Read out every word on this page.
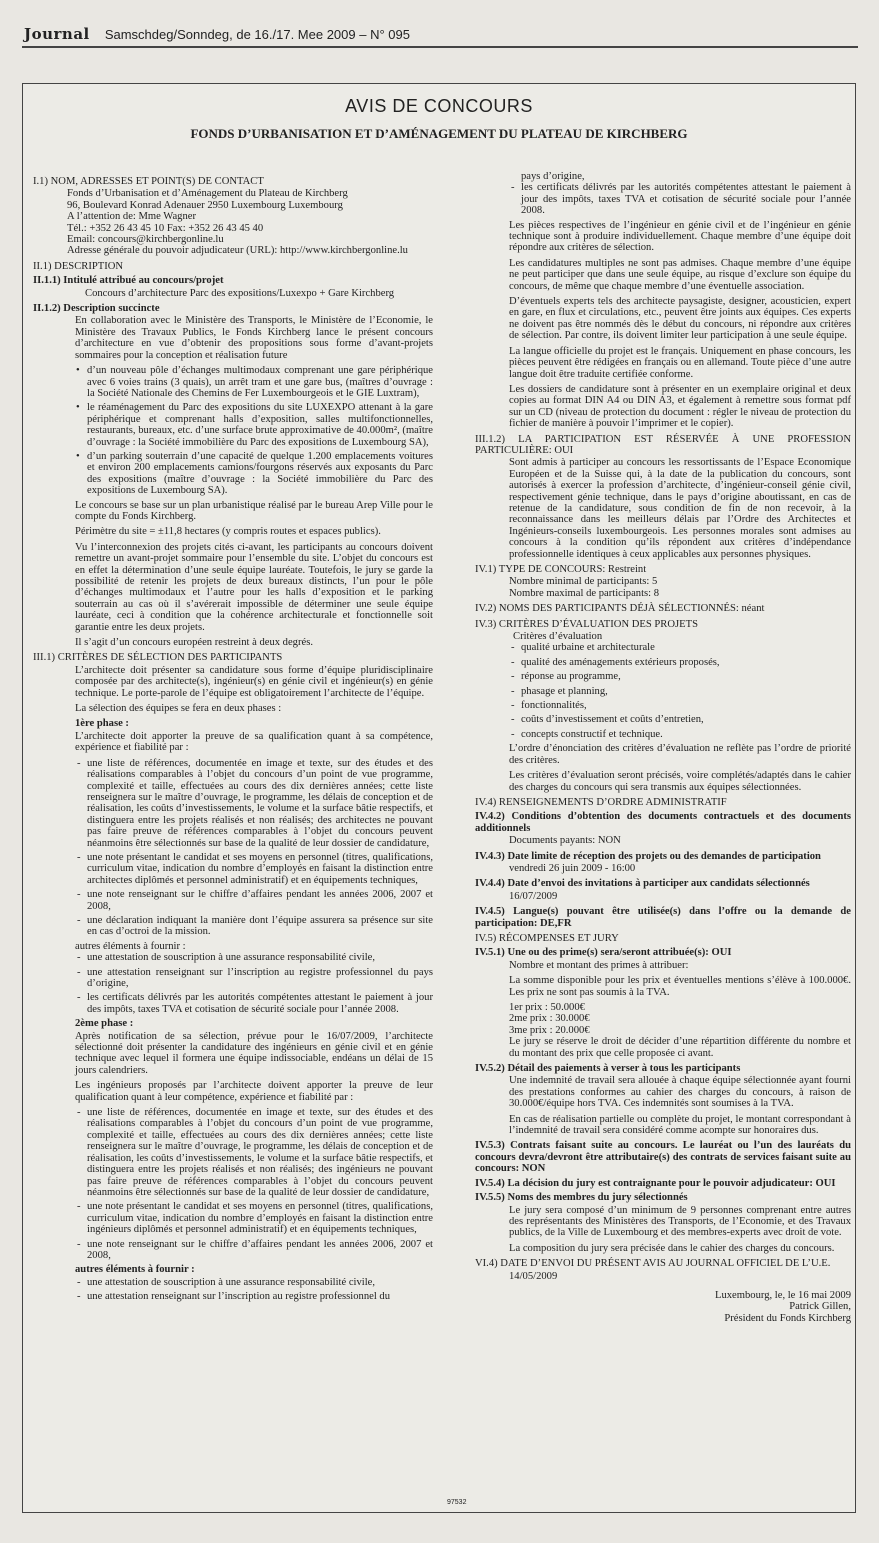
Journal Samschdeg/Sonndeg, de 16./17. Mee 2009 – N° 095
AVIS DE CONCOURS
FONDS D’URBANISATION ET D’AMÉNAGEMENT DU PLATEAU DE KIRCHBERG
I.1) NOM, ADRESSES ET POINT(S) DE CONTACT
Fonds d’Urbanisation et d’Aménagement du Plateau de Kirchberg
96, Boulevard Konrad Adenauer 2950 Luxembourg Luxembourg
A l’attention de: Mme Wagner
Tél.: +352 26 43 45 10 Fax: +352 26 43 45 40
Email: concours@kirchbergonline.lu
Adresse générale du pouvoir adjudicateur (URL): http://www.kirchbergonline.lu
II.1) DESCRIPTION
II.1.1) Intitulé attribué au concours/projet
Concours d’architecture Parc des expositions/Luxexpo + Gare Kirchberg
II.1.2) Description succincte
En collaboration avec le Ministère des Transports, le Ministère de l’Economie, le Ministère des Travaux Publics, le Fonds Kirchberg lance le présent concours d’architecture en vue d’obtenir des propositions sous forme d’avant-projets sommaires pour la conception et réalisation future
• d’un nouveau pôle d’échanges multimodaux comprenant une gare périphérique avec 6 voies trains (3 quais), un arrêt tram et une gare bus, (maîtres d’ouvrage : la Société Nationale des Chemins de Fer Luxembourgeois et le GIE Luxtram),
• le réaménagement du Parc des expositions du site LUXEXPO attenant à la gare périphérique et comprenant halls d’exposition, salles multifonctionnelles, restaurants, bureaux, etc. d’une surface brute approximative de 40.000m², (maître d’ouvrage : la Société immobilière du Parc des expositions de Luxembourg SA),
• d’un parking souterrain d’une capacité de quelque 1.200 emplacements voitures et environ 200 emplacements camions/fourgons réservés aux exposants du Parc des expositions (maître d’ouvrage : la Société immobilière du Parc des expositions de Luxembourg SA).
Le concours se base sur un plan urbanistique réalisé par le bureau Arep Ville pour le compte du Fonds Kirchberg.
Périmètre du site = ±11,8 hectares (y compris routes et espaces publics).
Vu l’interconnexion des projets cités ci-avant, les participants au concours doivent remettre un avant-projet sommaire pour l’ensemble du site. L’objet du concours est en effet la détermination d’une seule équipe lauréate. Toutefois, le jury se garde la possibilité de retenir les projets de deux bureaux distincts, l’un pour le pôle d’échanges multimodaux et l’autre pour les halls d’exposition et le parking souterrain au cas où il s’avérerait impossible de déterminer une seule équipe lauréate, ceci à condition que la cohérence architecturale et fonctionnelle soit garantie entre les deux projets.
Il s’agit d’un concours européen restreint à deux degrés.
III.1) CRITÈRES DE SÉLECTION DES PARTICIPANTS
L’architecte doit présenter sa candidature sous forme d’équipe pluridisciplinaire composée par des architecte(s), ingénieur(s) en génie civil et ingénieur(s) en génie technique. Le porte-parole de l’équipe est obligatoirement l’architecte de l’équipe.
La sélection des équipes se fera en deux phases :
1ère phase :
L’architecte doit apporter la preuve de sa qualification quant à sa compétence, expérience et fiabilité par :
- une liste de références, documentée en image et texte, sur des études et des réalisations comparables à l’objet du concours d’un point de vue programme, complexité et taille, effectuées au cours des dix dernières années; cette liste renseignera sur le maître d’ouvrage, le programme, les délais de conception et de réalisation, les coûts d’investissements, le volume et la surface bâtie respectifs, et distinguera entre les projets réalisés et non réalisés; des architectes ne pouvant pas faire preuve de références comparables à l’objet du concours peuvent néanmoins être sélectionnés sur base de la qualité de leur dossier de candidature,
- une note présentant le candidat et ses moyens en personnel (titres, qualifications, curriculum vitae, indication du nombre d’employés en faisant la distinction entre architectes diplômés et personnel administratif) et en équipements techniques,
- une note renseignant sur le chiffre d’affaires pendant les années 2006, 2007 et 2008,
- une déclaration indiquant la manière dont l’équipe assurera sa présence sur site en cas d’octroi de la mission.
autres éléments à fournir :
- une attestation de souscription à une assurance responsabilité civile,
- une attestation renseignant sur l’inscription au registre professionnel du pays d’origine,
- les certificats délivrés par les autorités compétentes attestant le paiement à jour des impôts, taxes TVA et cotisation de sécurité sociale pour l’année 2008.
2ème phase :
Après notification de sa sélection, prévue pour le 16/07/2009, l’architecte sélectionné doit présenter la candidature des ingénieurs en génie civil et en génie technique avec lequel il formera une équipe indissociable, endéans un délai de 15 jours calendriers.
Les ingénieurs proposés par l’architecte doivent apporter la preuve de leur qualification quant à leur compétence, expérience et fiabilité par :
- une liste de références, documentée en image et texte, sur des études et des réalisations comparables à l’objet du concours d’un point de vue programme, complexité et taille, effectuées au cours des dix dernières années; cette liste renseignera sur le maître d’ouvrage, le programme, les délais de conception et de réalisation, les coûts d’investissements, le volume et la surface bâtie respectifs, et distinguera entre les projets réalisés et non réalisés; des ingénieurs ne pouvant pas faire preuve de références comparables à l’objet du concours peuvent néanmoins être sélectionnés sur base de la qualité de leur dossier de candidature,
- une note présentant le candidat et ses moyens en personnel (titres, qualifications, curriculum vitae, indication du nombre d’employés en faisant la distinction entre ingénieurs diplômés et personnel administratif) et en équipements techniques,
- une note renseignant sur le chiffre d’affaires pendant les années 2006, 2007 et 2008,
autres éléments à fournir :
- une attestation de souscription à une assurance responsabilité civile,
- une attestation renseignant sur l’inscription au registre professionnel du
pays d’origine,
- les certificats délivrés par les autorités compétentes attestant le paiement à jour des impôts, taxes TVA et cotisation de sécurité sociale pour l’année 2008.
Les pièces respectives de l’ingénieur en génie civil et de l’ingénieur en génie technique sont à produire individuellement. Chaque membre d’une équipe doit répondre aux critères de sélection.
Les candidatures multiples ne sont pas admises. Chaque membre d’une équipe ne peut participer que dans une seule équipe, au risque d’exclure son équipe du concours, de même que chaque membre d’une éventuelle association.
D’éventuels experts tels des architecte paysagiste, designer, acousticien, expert en gare, en flux et circulations, etc., peuvent être joints aux équipes. Ces experts ne doivent pas être nommés dès le début du concours, ni répondre aux critères de sélection. Par contre, ils doivent limiter leur participation à une seule équipe.
La langue officielle du projet est le français. Uniquement en phase concours, les pièces peuvent être rédigées en français ou en allemand. Toute pièce d’une autre langue doit être traduite certifiée conforme.
Les dossiers de candidature sont à présenter en un exemplaire original et deux copies au format DIN A4 ou DIN A3, et également à remettre sous format pdf sur un CD (niveau de protection du document : régler le niveau de protection du fichier de manière à pouvoir l’imprimer et le copier).
III.1.2) LA PARTICIPATION EST RÉSERVÉE À UNE PROFESSION PARTICULIÈRE: OUI
Sont admis à participer au concours les ressortissants de l’Espace Economique Européen et de la Suisse qui, à la date de la publication du concours, sont autorisés à exercer la profession d’architecte, d’ingénieur-conseil génie civil, respectivement génie technique, dans le pays d’origine aboutissant, en cas de retenue de la candidature, sous condition de fin de non recevoir, à la reconnaissance dans les meilleurs délais par l’Ordre des Architectes et Ingénieurs-conseils luxembourgeois. Les personnes morales sont admises au concours à la condition qu’ils répondent aux critères d’indépendance professionnelle identiques à ceux applicables aux personnes physiques.
IV.1) TYPE DE CONCOURS: Restreint
Nombre minimal de participants: 5
Nombre maximal de participants: 8
IV.2) NOMS DES PARTICIPANTS DÉJÀ SÉLECTIONNÉS: néant
IV.3) CRITÈRES D’ÉVALUATION DES PROJETS
Critères d’évaluation
- qualité urbaine et architecturale
- qualité des aménagements extérieurs proposés,
- réponse au programme,
- phasage et planning,
- fonctionnalités,
- coûts d’investissement et coûts d’entretien,
- concepts constructif et technique.
L’ordre d’énonciation des critères d’évaluation ne reflète pas l’ordre de priorité des critères.
Les critères d’évaluation seront précisés, voire complétés/adaptés dans le cahier des charges du concours qui sera transmis aux équipes sélectionnées.
IV.4) RENSEIGNEMENTS D’ORDRE ADMINISTRATIF
IV.4.2) Conditions d’obtention des documents contractuels et des documents additionnels
Documents payants: NON
IV.4.3) Date limite de réception des projets ou des demandes de participation
vendredi 26 juin 2009 - 16:00
IV.4.4) Date d’envoi des invitations à participer aux candidats sélectionnés
16/07/2009
IV.4.5) Langue(s) pouvant être utilisée(s) dans l’offre ou la demande de participation: DE,FR
IV.5) RÉCOMPENSES ET JURY
IV.5.1) Une ou des prime(s) sera/seront attribuée(s): OUI
Nombre et montant des primes à attribuer:
La somme disponible pour les prix et éventuelles mentions s’élève à 100.000€. Les prix ne sont pas soumis à la TVA.
1er prix : 50.000€
2me prix : 30.000€
3me prix : 20.000€
Le jury se réserve le droit de décider d’une répartition différente du nombre et du montant des prix que celle proposée ci avant.
IV.5.2) Détail des paiements à verser à tous les participants
Une indemnité de travail sera allouée à chaque équipe sélectionnée ayant fourni des prestations conformes au cahier des charges du concours, à raison de 30.000€/équipe hors TVA. Ces indemnités sont soumises à la TVA.
En cas de réalisation partielle ou complète du projet, le montant correspondant à l’indemnité de travail sera considéré comme acompte sur honoraires dus.
IV.5.3) Contrats faisant suite au concours. Le lauréat ou l’un des lauréats du concours devra/devront être attributaire(s) des contrats de services faisant suite au concours: NON
IV.5.4) La décision du jury est contraignante pour le pouvoir adjudicateur: OUI
IV.5.5) Noms des membres du jury sélectionnés
Le jury sera composé d’un minimum de 9 personnes comprenant entre autres des représentants des Ministères des Transports, de l’Economie, et des Travaux publics, de la Ville de Luxembourg et des membres-experts avec droit de vote.
La composition du jury sera précisée dans le cahier des charges du concours.
VI.4) DATE D’ENVOI DU PRÉSENT AVIS AU JOURNAL OFFICIEL DE L’U.E.
14/05/2009
Luxembourg, le, le 16 mai 2009
Patrick Gillen,
Président du Fonds Kirchberg
97532
